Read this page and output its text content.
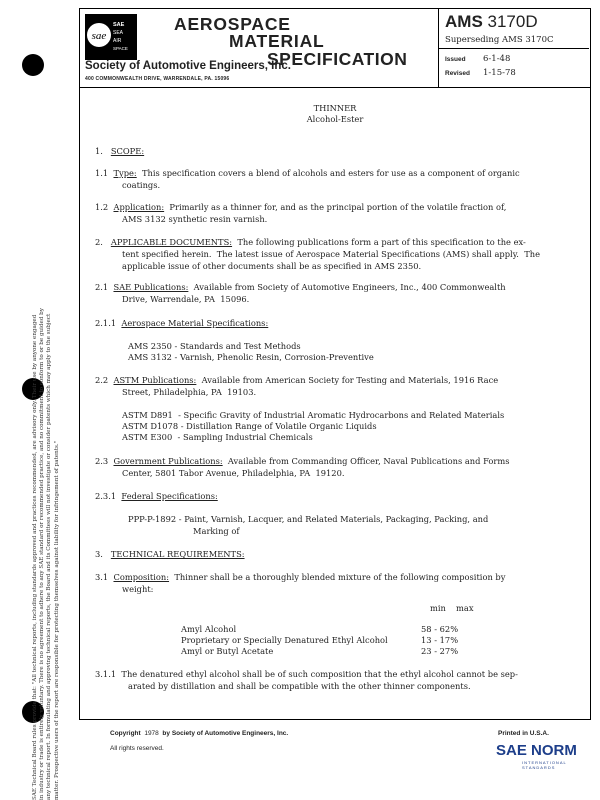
SAE Technical Board rules provide that: "All technical reports, including standards approved and practices recommended, are advisory only. Their use by anyone engaged in industry or trade is entirely voluntary. There is no agreement to adhere to any SAE standard or recommended practice, and no commitment to conform to or be guided by any technical report. In formulating and approving technical reports, the Board and its Committees will not investigate or consider patents which may apply to the subject matter. Prospective users of the report are responsible for protecting themselves against liability for infringement of patents."
sae
SAE
SEA
AIR
SPACE
AEROSPACE
MATERIAL
SPECIFICATION
Society of Automotive Engineers, Inc.
400 COMMONWEALTH DRIVE, WARRENDALE, PA. 15096
AMS 3170D
Superseding AMS 3170C
Issued 6-1-48
Revised 1-15-78
THINNER
Alcohol-Ester
1. SCOPE:
1.1 Type: This specification covers a blend of alcohols and esters for use as a component of organic
coatings.
1.2 Application: Primarily as a thinner for, and as the principal portion of the volatile fraction of,
AMS 3132 synthetic resin varnish.
2. APPLICABLE DOCUMENTS: The following publications form a part of this specification to the ex-
tent specified herein.  The latest issue of Aerospace Material Specifications (AMS) shall apply.  The
applicable issue of other documents shall be as specified in AMS 2350.
2.1 SAE Publications: Available from Society of Automotive Engineers, Inc., 400 Commonwealth
Drive, Warrendale, PA  15096.
2.1.1 Aerospace Material Specifications:
AMS 2350 - Standards and Test Methods
AMS 3132 - Varnish, Phenolic Resin, Corrosion-Preventive
2.2 ASTM Publications: Available from American Society for Testing and Materials, 1916 Race
Street, Philadelphia, PA  19103.
ASTM D891  - Specific Gravity of Industrial Aromatic Hydrocarbons and Related Materials
ASTM D1078 - Distillation Range of Volatile Organic Liquids
ASTM E300  - Sampling Industrial Chemicals
2.3 Government Publications: Available from Commanding Officer, Naval Publications and Forms
Center, 5801 Tabor Avenue, Philadelphia, PA  19120.
2.3.1 Federal Specifications:
PPP-P-1892 - Paint, Varnish, Lacquer, and Related Materials, Packaging, Packing, and
Marking of
3. TECHNICAL REQUIREMENTS:
3.1 Composition: Thinner shall be a thoroughly blended mixture of the following composition by
weight:
min max
Amyl Alcohol	58 - 62%
Proprietary or Specially Denatured Ethyl Alcohol	13 - 17%
Amyl or Butyl Acetate	23 - 27%
3.1.1 The denatured ethyl alcohol shall be of such composition that the ethyl alcohol cannot be sep-
arated by distillation and shall be compatible with the other thinner components.
Copyright 1978 by Society of Automotive Engineers, Inc.
All rights reserved.
Printed in U.S.A.
SAE NORM
INTERNATIONAL STANDARDS
